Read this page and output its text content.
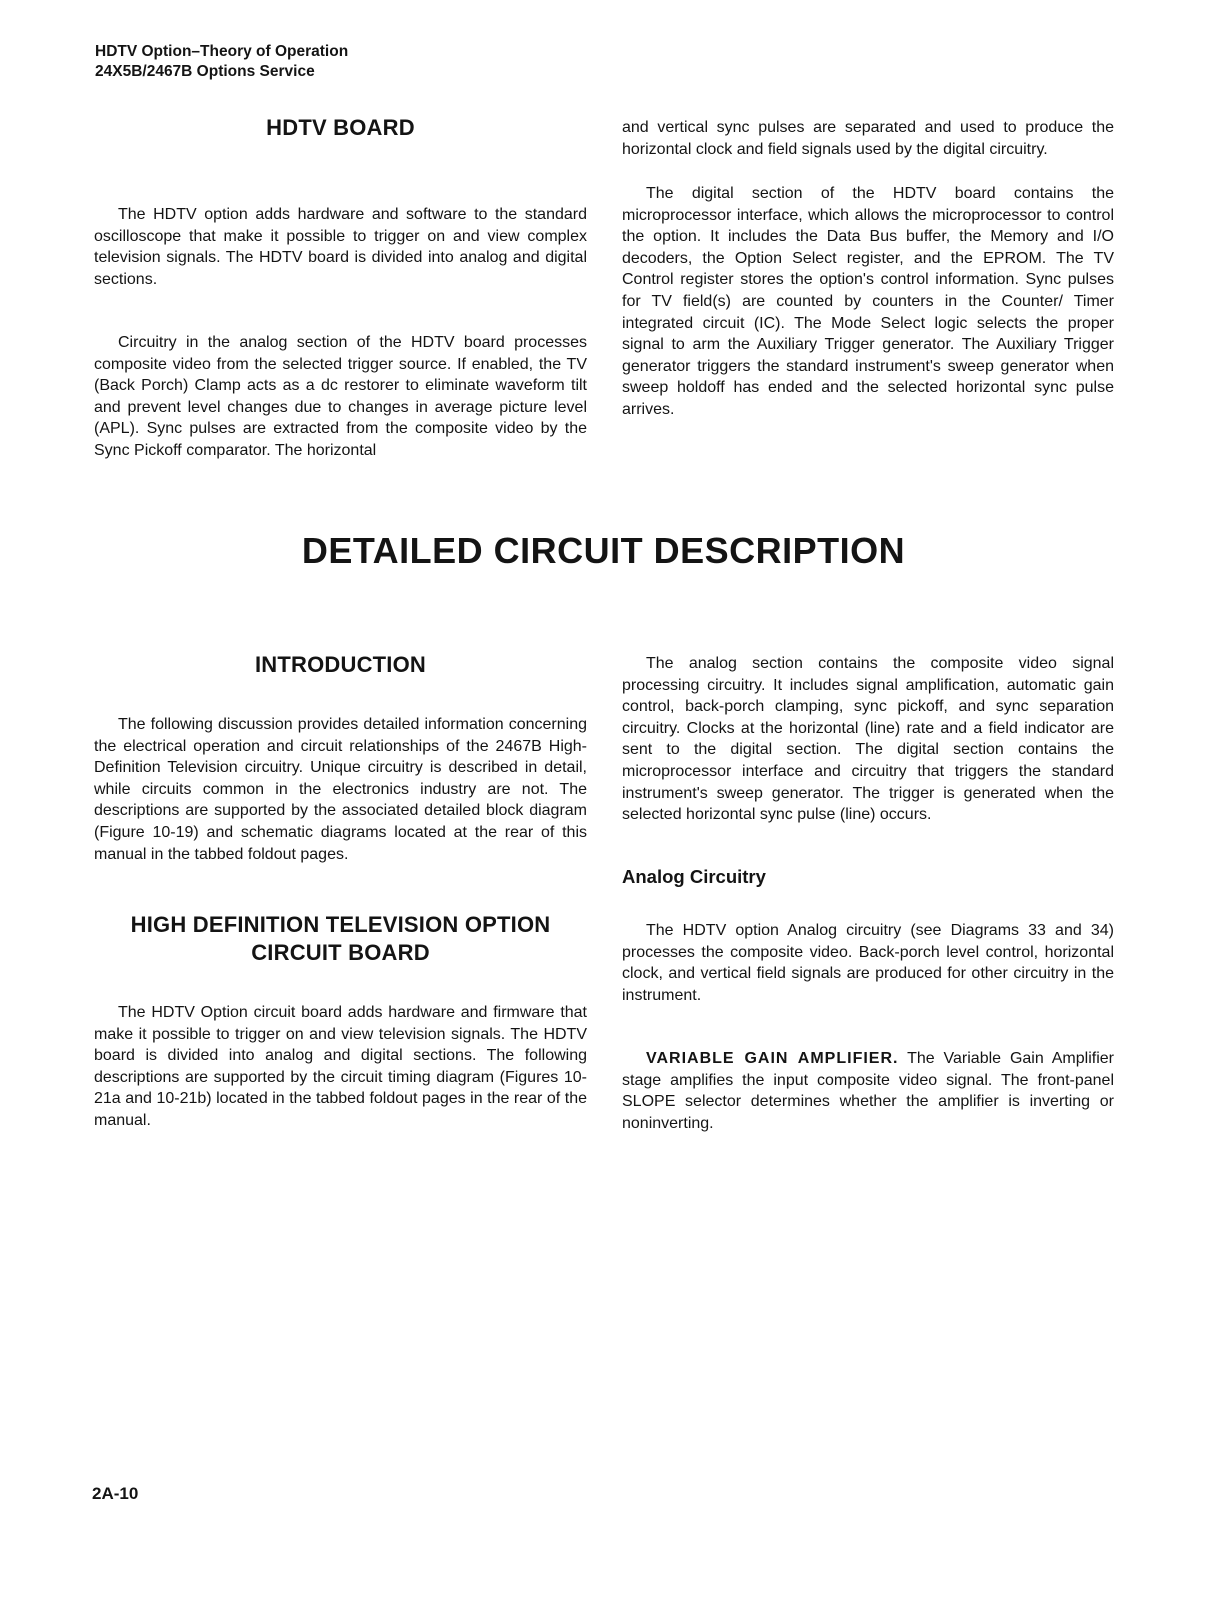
HDTV Option–Theory of Operation
24X5B/2467B Options Service
HDTV BOARD

The HDTV option adds hardware and software to the standard oscilloscope that make it possible to trigger on and view complex television signals. The HDTV board is divided into analog and digital sections.

Circuitry in the analog section of the HDTV board processes composite video from the selected trigger source. If enabled, the TV (Back Porch) Clamp acts as a dc restorer to eliminate waveform tilt and prevent level changes due to changes in average picture level (APL). Sync pulses are extracted from the composite video by the Sync Pickoff comparator. The horizontal

and vertical sync pulses are separated and used to produce the horizontal clock and field signals used by the digital circuitry.

The digital section of the HDTV board contains the microprocessor interface, which allows the microprocessor to control the option. It includes the Data Bus buffer, the Memory and I/O decoders, the Option Select register, and the EPROM. The TV Control register stores the option's control information. Sync pulses for TV field(s) are counted by counters in the Counter/ Timer integrated circuit (IC). The Mode Select logic selects the proper signal to arm the Auxiliary Trigger generator. The Auxiliary Trigger generator triggers the standard instrument's sweep generator when sweep holdoff has ended and the selected horizontal sync pulse arrives.

DETAILED CIRCUIT DESCRIPTION
INTRODUCTION

The following discussion provides detailed information concerning the electrical operation and circuit relationships of the 2467B High-Definition Television circuitry. Unique circuitry is described in detail, while circuits common in the electronics industry are not. The descriptions are supported by the associated detailed block diagram (Figure 10-19) and schematic diagrams located at the rear of this manual in the tabbed foldout pages.

HIGH DEFINITION TELEVISION OPTION
CIRCUIT BOARD

The HDTV Option circuit board adds hardware and firmware that make it possible to trigger on and view television signals. The HDTV board is divided into analog and digital sections. The following descriptions are supported by the circuit timing diagram (Figures 10-21a and 10-21b) located in the tabbed foldout pages in the rear of the manual.

The analog section contains the composite video signal processing circuitry. It includes signal amplification, automatic gain control, back-porch clamping, sync pickoff, and sync separation circuitry. Clocks at the horizontal (line) rate and a field indicator are sent to the digital section. The digital section contains the microprocessor interface and circuitry that triggers the standard instrument's sweep generator. The trigger is generated when the selected horizontal sync pulse (line) occurs.

Analog Circuitry

The HDTV option Analog circuitry (see Diagrams 33 and 34) processes the composite video. Back-porch level control, horizontal clock, and vertical field signals are produced for other circuitry in the instrument.

VARIABLE GAIN AMPLIFIER. The Variable Gain Amplifier stage amplifies the input composite video signal. The front-panel SLOPE selector determines whether the amplifier is inverting or noninverting.

2A-10
